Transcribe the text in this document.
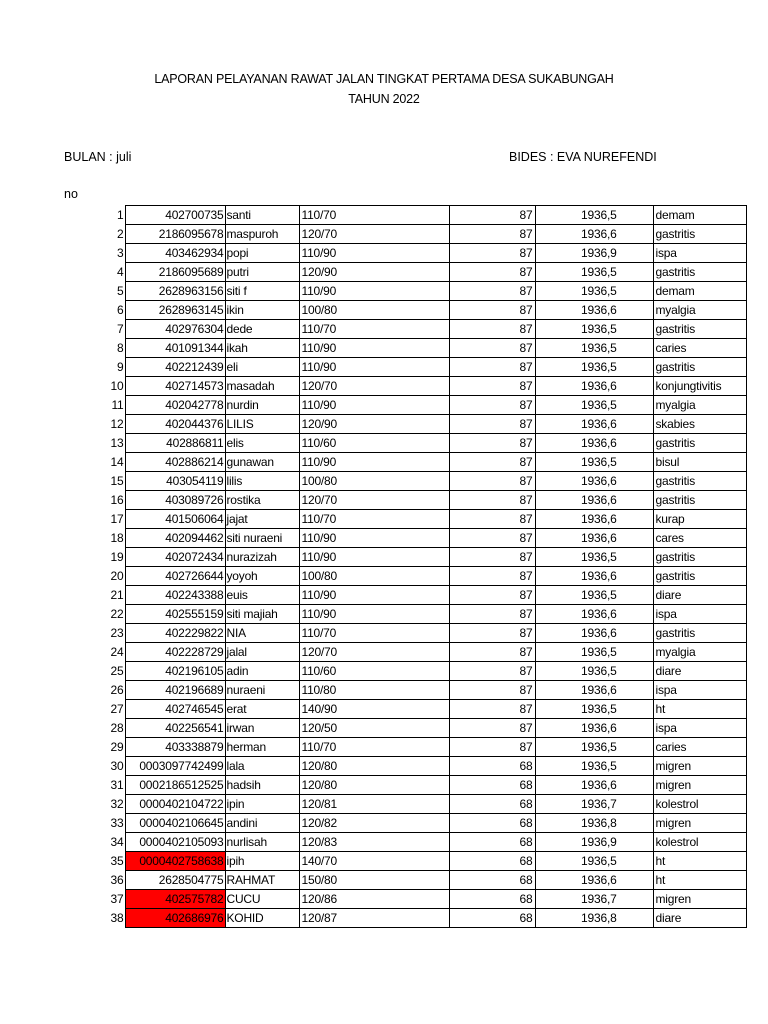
LAPORAN PELAYANAN RAWAT JALAN TINGKAT PERTAMA DESA SUKABUNGAH
TAHUN 2022
BULAN : juli	BIDES : EVA NUREFENDI
no
1	402700735	santi	110/70	87	19	36,5	demam
2	2186095678	maspuroh	120/70	87	19	36,6	gastritis
3	403462934	popi	110/90	87	19	36,9	ispa
4	2186095689	putri	120/90	87	19	36,5	gastritis
5	2628963156	siti f	110/90	87	19	36,5	demam
6	2628963145	ikin	100/80	87	19	36,6	myalgia
7	402976304	dede	110/70	87	19	36,5	gastritis
8	401091344	ikah	110/90	87	19	36,5	caries
9	402212439	eli	110/90	87	19	36,5	gastritis
10	402714573	masadah	120/70	87	19	36,6	konjungtivitis
11	402042778	nurdin	110/90	87	19	36,5	myalgia
12	402044376	LILIS	120/90	87	19	36,6	skabies
13	402886811	elis	110/60	87	19	36,6	gastritis
14	402886214	gunawan	110/90	87	19	36,5	bisul
15	403054119	lilis	100/80	87	19	36,6	gastritis
16	403089726	rostika	120/70	87	19	36,6	gastritis
17	401506064	jajat	110/70	87	19	36,6	kurap
18	402094462	siti nuraeni	110/90	87	19	36,6	cares
19	402072434	nurazizah	110/90	87	19	36,5	gastritis
20	402726644	yoyoh	100/80	87	19	36,6	gastritis
21	402243388	euis	110/90	87	19	36,5	diare
22	402555159	siti majiah	110/90	87	19	36,6	ispa
23	402229822	NIA	110/70	87	19	36,6	gastritis
24	402228729	jalal	120/70	87	19	36,5	myalgia
25	402196105	adin	110/60	87	19	36,5	diare
26	402196689	nuraeni	110/80	87	19	36,6	ispa
27	402746545	erat	140/90	87	19	36,5	ht
28	402256541	irwan	120/50	87	19	36,6	ispa
29	403338879	herman	110/70	87	19	36,5	caries
30	0003097742499	lala	120/80	68	19	36,5	migren
31	0002186512525	hadsih	120/80	68	19	36,6	migren
32	0000402104722	ipin	120/81	68	19	36,7	kolestrol
33	0000402106645	andini	120/82	68	19	36,8	migren
34	0000402105093	nurlisah	120/83	68	19	36,9	kolestrol
35	0000402758638	ipih	140/70	68	19	36,5	ht
36	2628504775	RAHMAT	150/80	68	19	36,6	ht
37	402575782	CUCU	120/86	68	19	36,7	migren
38	402686976	KOHID	120/87	68	19	36,8	diare
